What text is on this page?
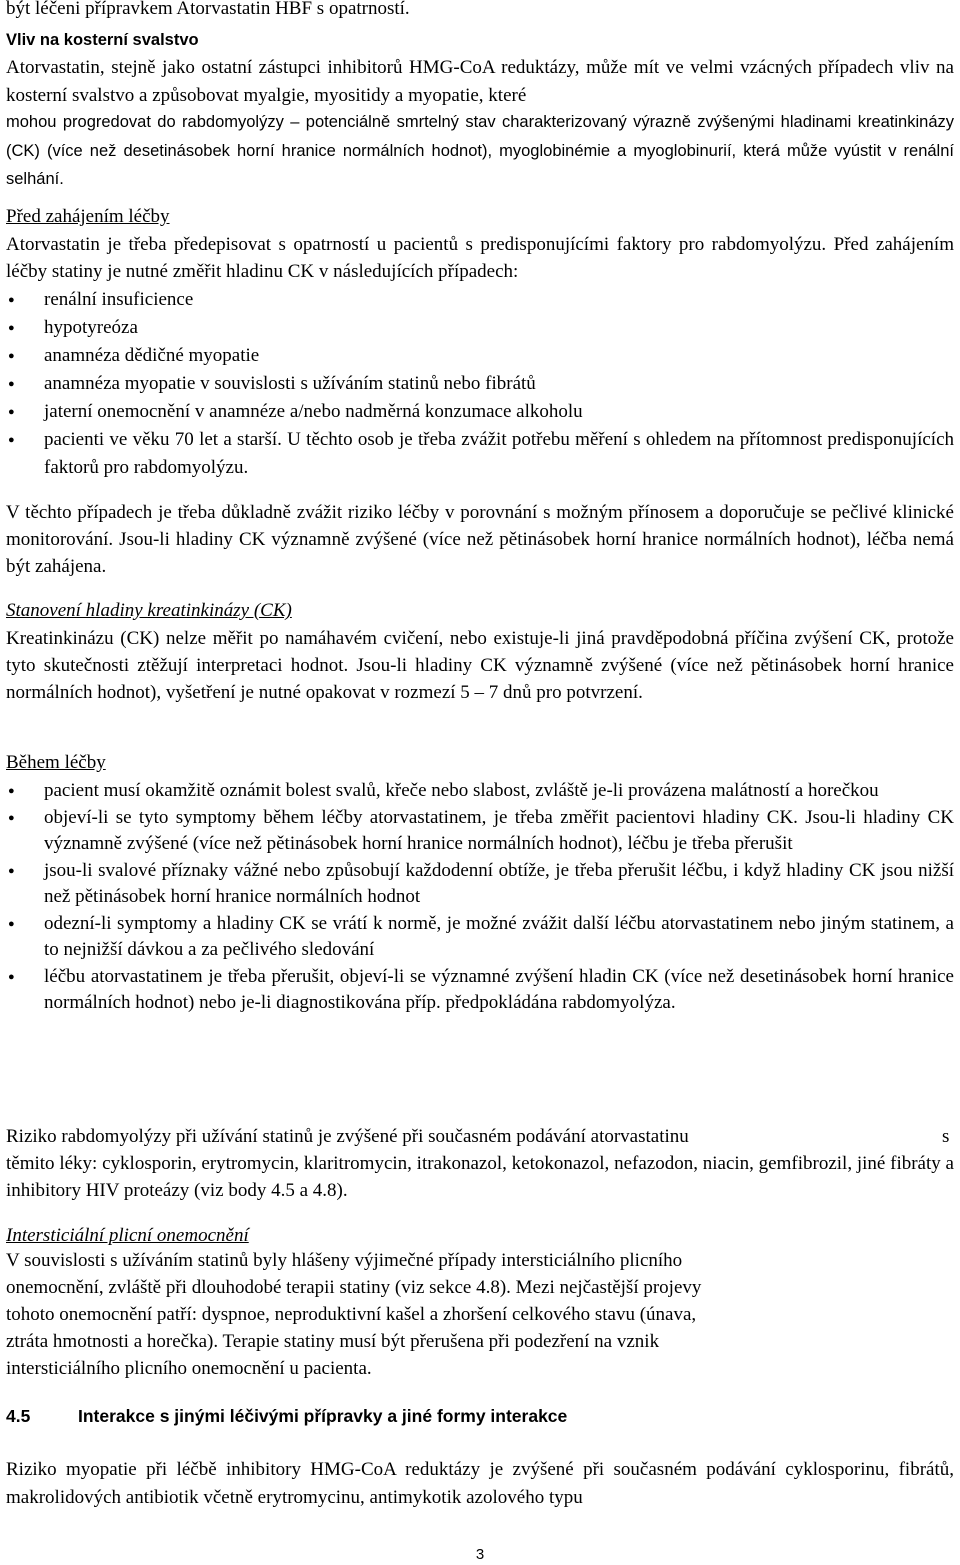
být léčeni přípravkem Atorvastatin HBF s opatrností.

Vliv na kosterní svalstvo

Atorvastatin, stejně jako ostatní zástupci inhibitorů HMG-CoA reduktázy, může mít ve velmi vzácných případech vliv na kosterní svalstvo a způsobovat myalgie, myositidy a myopatie, které

mohou progredovat do rabdomyolýzy – potenciálně smrtelný stav charakterizovaný výrazně zvýšenými hladinami kreatinkinázy (CK) (více než desetinásobek horní hranice normálních hodnot), myoglobinémie a myoglobinurií, která může vyústit v renální selhání.

Před zahájením léčby

Atorvastatin je třeba předepisovat s opatrností u pacientů s predisponujícími faktory pro rabdomyolýzu. Před zahájením léčby statiny je nutné změřit hladinu CK v následujících případech:

● renální insuficience
● hypotyreóza
● anamnéza dědičné myopatie
● anamnéza myopatie v souvislosti s užíváním statinů nebo fibrátů
● jaterní onemocnění v anamnéze a/nebo nadměrná konzumace alkoholu
● pacienti ve věku 70 let a starší. U těchto osob je třeba zvážit potřebu měření s ohledem na přítomnost predisponujících faktorů pro rabdomyolýzu.

V těchto případech je třeba důkladně zvážit riziko léčby v porovnání s možným přínosem a doporučuje se pečlivé klinické monitorování. Jsou-li hladiny CK významně zvýšené (více než pětinásobek horní hranice normálních hodnot), léčba nemá být zahájena.

Stanovení hladiny kreatinkinázy (CK)

Kreatinkinázu (CK) nelze měřit po namáhavém cvičení, nebo existuje-li jiná pravděpodobná příčina zvýšení CK, protože tyto skutečnosti ztěžují interpretaci hodnot. Jsou-li hladiny CK významně zvýšené (více než pětinásobek horní hranice normálních hodnot), vyšetření je nutné opakovat v rozmezí 5 – 7 dnů pro potvrzení.

Během léčby

● pacient musí okamžitě oznámit bolest svalů, křeče nebo slabost, zvláště je-li provázena malátností a horečkou
● objeví-li se tyto symptomy během léčby atorvastatinem, je třeba změřit pacientovi hladiny CK. Jsou-li hladiny CK významně zvýšené (více než pětinásobek horní hranice normálních hodnot), léčbu je třeba přerušit
● jsou-li svalové příznaky vážné nebo způsobují každodenní obtíže, je třeba přerušit léčbu, i když hladiny CK jsou nižší než pětinásobek horní hranice normálních hodnot
● odezní-li symptomy a hladiny CK se vrátí k normě, je možné zvážit další léčbu atorvastatinem nebo jiným statinem, a to nejnižší dávkou a za pečlivého sledování
● léčbu atorvastatinem je třeba přerušit, objeví-li se významné zvýšení hladin CK (více než desetinásobek horní hranice normálních hodnot) nebo je-li diagnostikována příp. předpokládána rabdomyolýza.

Riziko rabdomyolýzy při užívání statinů je zvýšené při současném podávání atorvastatinu	s

těmito léky: cyklosporin, erytromycin, klaritromycin, itrakonazol, ketokonazol, nefazodon, niacin, gemfibrozil, jiné fibráty a inhibitory HIV proteázy (viz body 4.5 a 4.8).

Intersticiální plicní onemocnění

V souvislosti s užíváním statinů byly hlášeny výjimečné případy intersticiálního plicního

onemocnění, zvláště při dlouhodobé terapii statiny (viz sekce 4.8). Mezi nejčastější projevy

tohoto onemocnění patří: dyspnoe, neproduktivní kašel a zhoršení celkového stavu (únava,

ztráta hmotnosti a horečka). Terapie statiny musí být přerušena při podezření na vznik

intersticiálního plicního onemocnění u pacienta.

4.5	Interakce s jinými léčivými přípravky a jiné formy interakce

Riziko myopatie při léčbě inhibitory HMG-CoA reduktázy je zvýšené při současném podávání cyklosporinu, fibrátů, makrolidových antibiotik včetně erytromycinu, antimykotik azolového typu

3
